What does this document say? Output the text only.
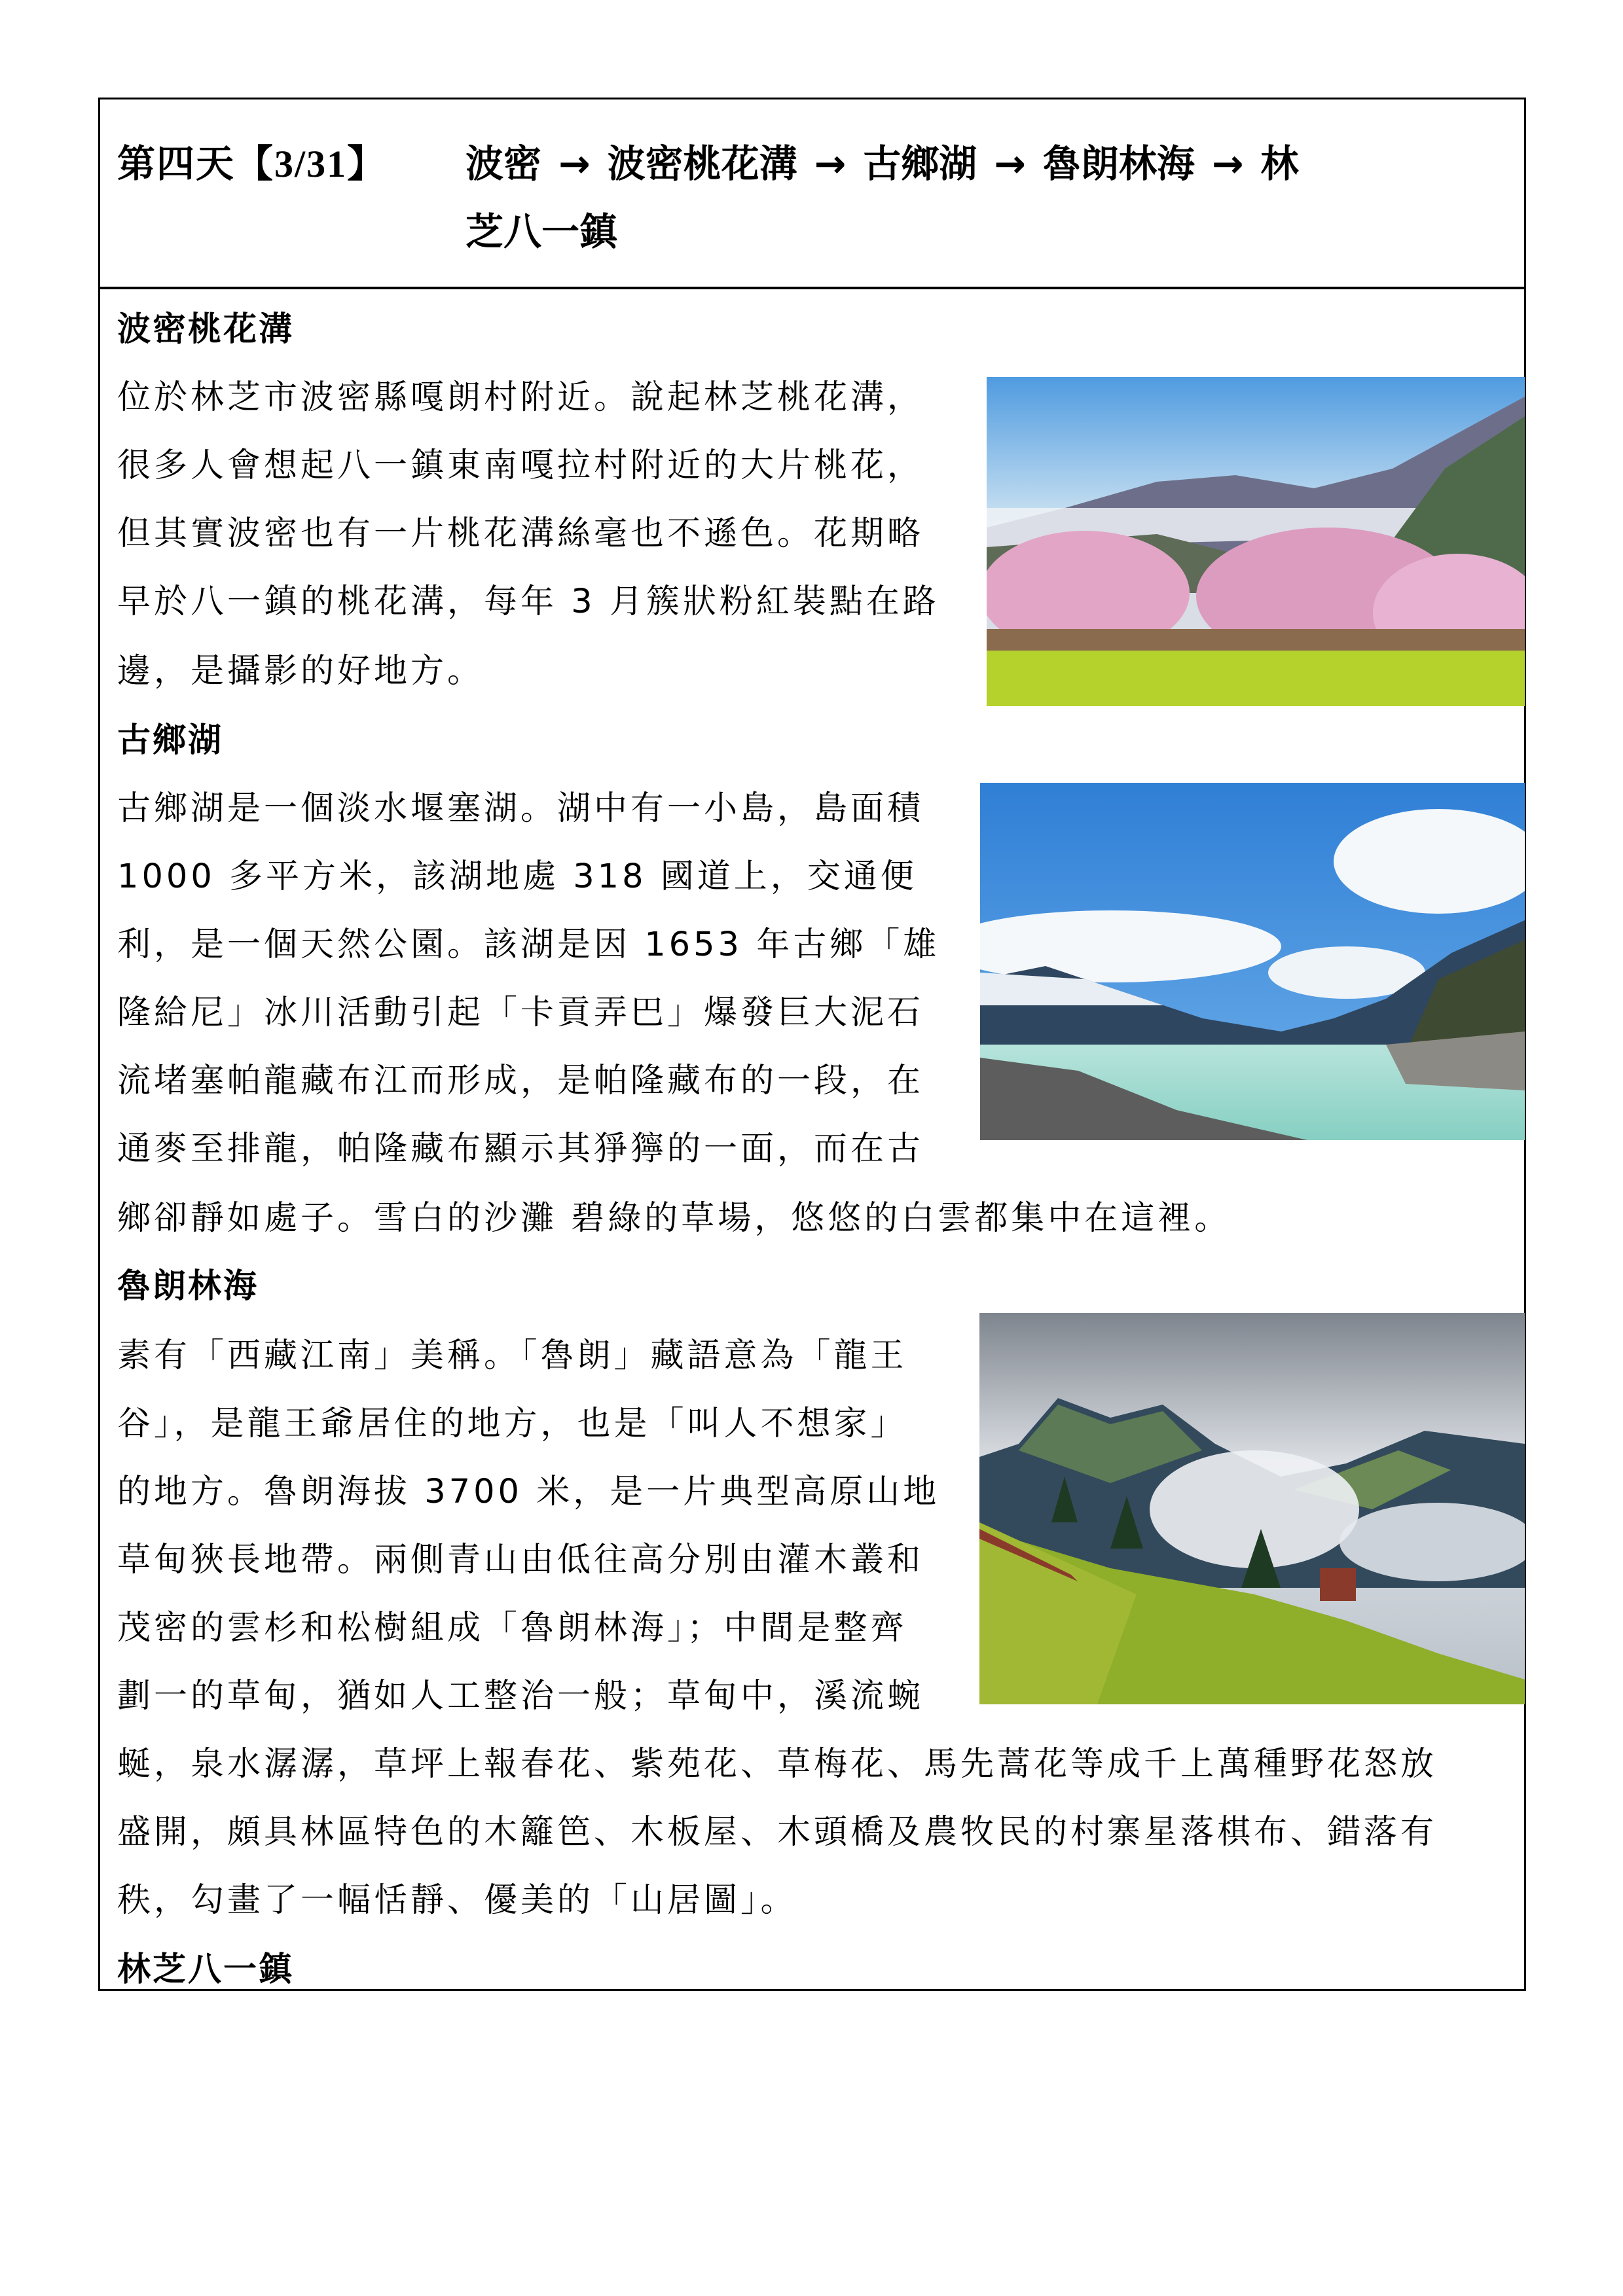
第四天【3/31】 波密 → 波密桃花溝 → 古鄉湖 → 魯朗林海 → 林
芝八一鎮
波密桃花溝
位於林芝市波密縣嘎朗村附近。說起林芝桃花溝，
很多人會想起八一鎮東南嘎拉村附近的大片桃花，
但其實波密也有一片桃花溝絲毫也不遜色。花期略
早於八一鎮的桃花溝，每年 3 月簇狀粉紅裝點在路
邊，是攝影的好地方。
古鄉湖
古鄉湖是一個淡水堰塞湖。湖中有一小島，島面積
1000 多平方米，該湖地處 318 國道上，交通便
利，是一個天然公園。該湖是因 1653 年古鄉「雄
隆給尼」冰川活動引起「卡貢弄巴」爆發巨大泥石
流堵塞帕龍藏布江而形成，是帕隆藏布的一段，在
通麥至排龍，帕隆藏布顯示其猙獰的一面，而在古
鄉卻靜如處子。雪白的沙灘 碧綠的草場，悠悠的白雲都集中在這裡。
魯朗林海
素有「西藏江南」美稱。「魯朗」藏語意為「龍王
谷」，是龍王爺居住的地方，也是「叫人不想家」
的地方。魯朗海拔 3700 米，是一片典型高原山地
草甸狹長地帶。兩側青山由低往高分別由灌木叢和
茂密的雲杉和松樹組成「魯朗林海」；中間是整齊
劃一的草甸，猶如人工整治一般；草甸中，溪流蜿
蜒，泉水潺潺，草坪上報春花、紫苑花、草梅花、馬先蒿花等成千上萬種野花怒放
盛開，頗具林區特色的木籬笆、木板屋、木頭橋及農牧民的村寨星落棋布、錯落有
秩，勾畫了一幅恬靜、優美的「山居圖」。
林芝八一鎮
